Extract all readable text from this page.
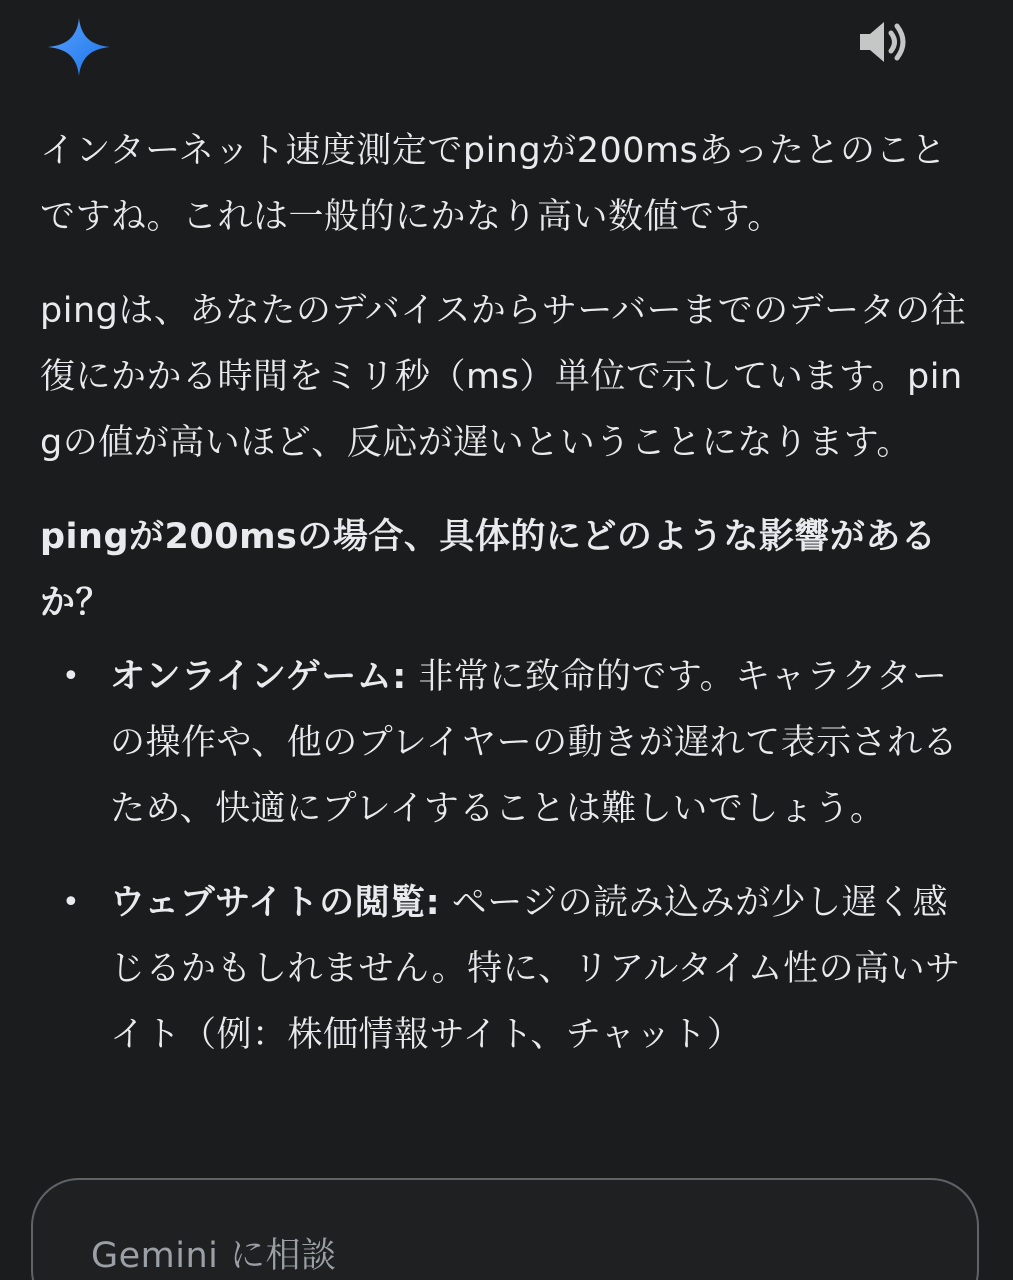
インターネット速度測定でpingが200msあったとのことですね。これは一般的にかなり高い数値です。

pingは、あなたのデバイスからサーバーまでのデータの往復にかかる時間をミリ秒（ms）単位で示しています。pingの値が高いほど、反応が遅いということになります。

pingが200msの場合、具体的にどのような影響があるか？

• オンラインゲーム: 非常に致命的です。キャラクターの操作や、他のプレイヤーの動きが遅れて表示されるため、快適にプレイすることは難しいでしょう。
• ウェブサイトの閲覧: ページの読み込みが少し遅く感じるかもしれません。特に、リアルタイム性の高いサイト（例：株価情報サイト、チャット）
Gemini に相談
